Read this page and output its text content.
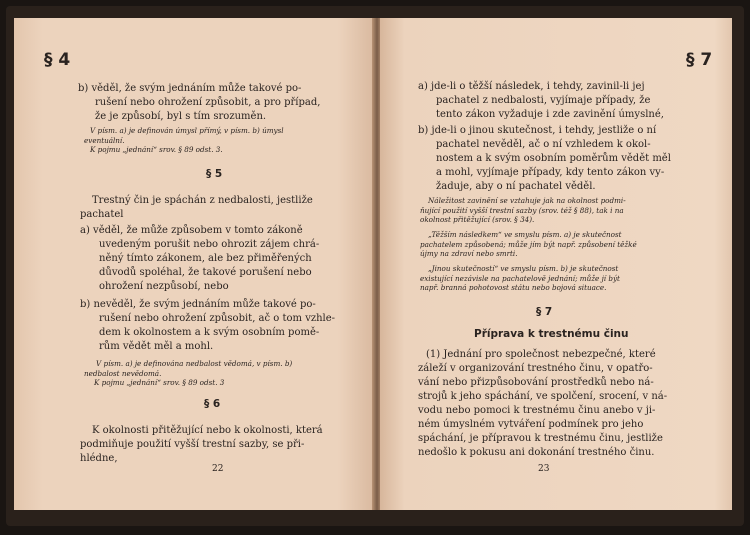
§ 4
b) věděl, že svým jednáním může takové po-
rušení nebo ohrožení způsobit, a pro případ,
že je způsobí, byl s tím srozuměn.
V písm. a) je definován úmysl přímý, v písm. b) úmysl
eventuální.
K pojmu „jednání“ srov. § 89 odst. 3.
§ 5
Trestný čin je spáchán z nedbalosti, jestliže
pachatel
a) věděl, že může způsobem v tomto zákoně
uvedeným porušit nebo ohrozit zájem chrá-
něný tímto zákonem, ale bez přiměřených
důvodů spoléhal, že takové porušení nebo
ohrožení nezpůsobí, nebo
b) nevěděl, že svým jednáním může takové po-
rušení nebo ohrožení způsobit, ač o tom vzhle-
dem k okolnostem a k svým osobním pomě-
rům vědět měl a mohl.
V písm. a) je definována nedbalost vědomá, v písm. b)
nedbalost nevědomá.
K pojmu „jednání“ srov. § 89 odst. 3
§ 6
K okolnosti přitěžující nebo k okolnosti, která
podmiňuje použití vyšší trestní sazby, se při-
hlédne,
22
§ 7
a) jde-li o těžší následek, i tehdy, zavinil-li jej
pachatel z nedbalosti, vyjímaje případy, že
tento zákon vyžaduje i zde zavinění úmyslné,
b) jde-li o jinou skutečnost, i tehdy, jestliže o ní
pachatel nevěděl, ač o ní vzhledem k okol-
nostem a k svým osobním poměrům vědět měl
a mohl, vyjímaje případy, kdy tento zákon vy-
žaduje, aby o ní pachatel věděl.
Náležitost zavinění se vztahuje jak na okolnost podmi-
ňující použití vyšší trestní sazby (srov. též § 88), tak i na
okolnost přitěžující (srov. § 34).
„Těžším následkem“ ve smyslu písm. a) je skutečnost
pachatelem způsobená; může jím být např. způsobení těžké
újmy na zdraví nebo smrti.
„Jinou skutečností“ ve smyslu písm. b) je skutečnost
existující nezávisle na pachatelově jednání; může jí být
např. branná pohotovost státu nebo bojová situace.
§ 7
Příprava k trestnému činu
(1) Jednání pro společnost nebezpečné, které
záleží v organizování trestného činu, v opatřo-
vání nebo přizpůsobování prostředků nebo ná-
strojů k jeho spáchání, ve spolčení, srocení, v ná-
vodu nebo pomoci k trestnému činu anebo v ji-
ném úmyslném vytváření podmínek pro jeho
spáchání, je přípravou k trestnému činu, jestliže
nedošlo k pokusu ani dokonání trestného činu.
23
